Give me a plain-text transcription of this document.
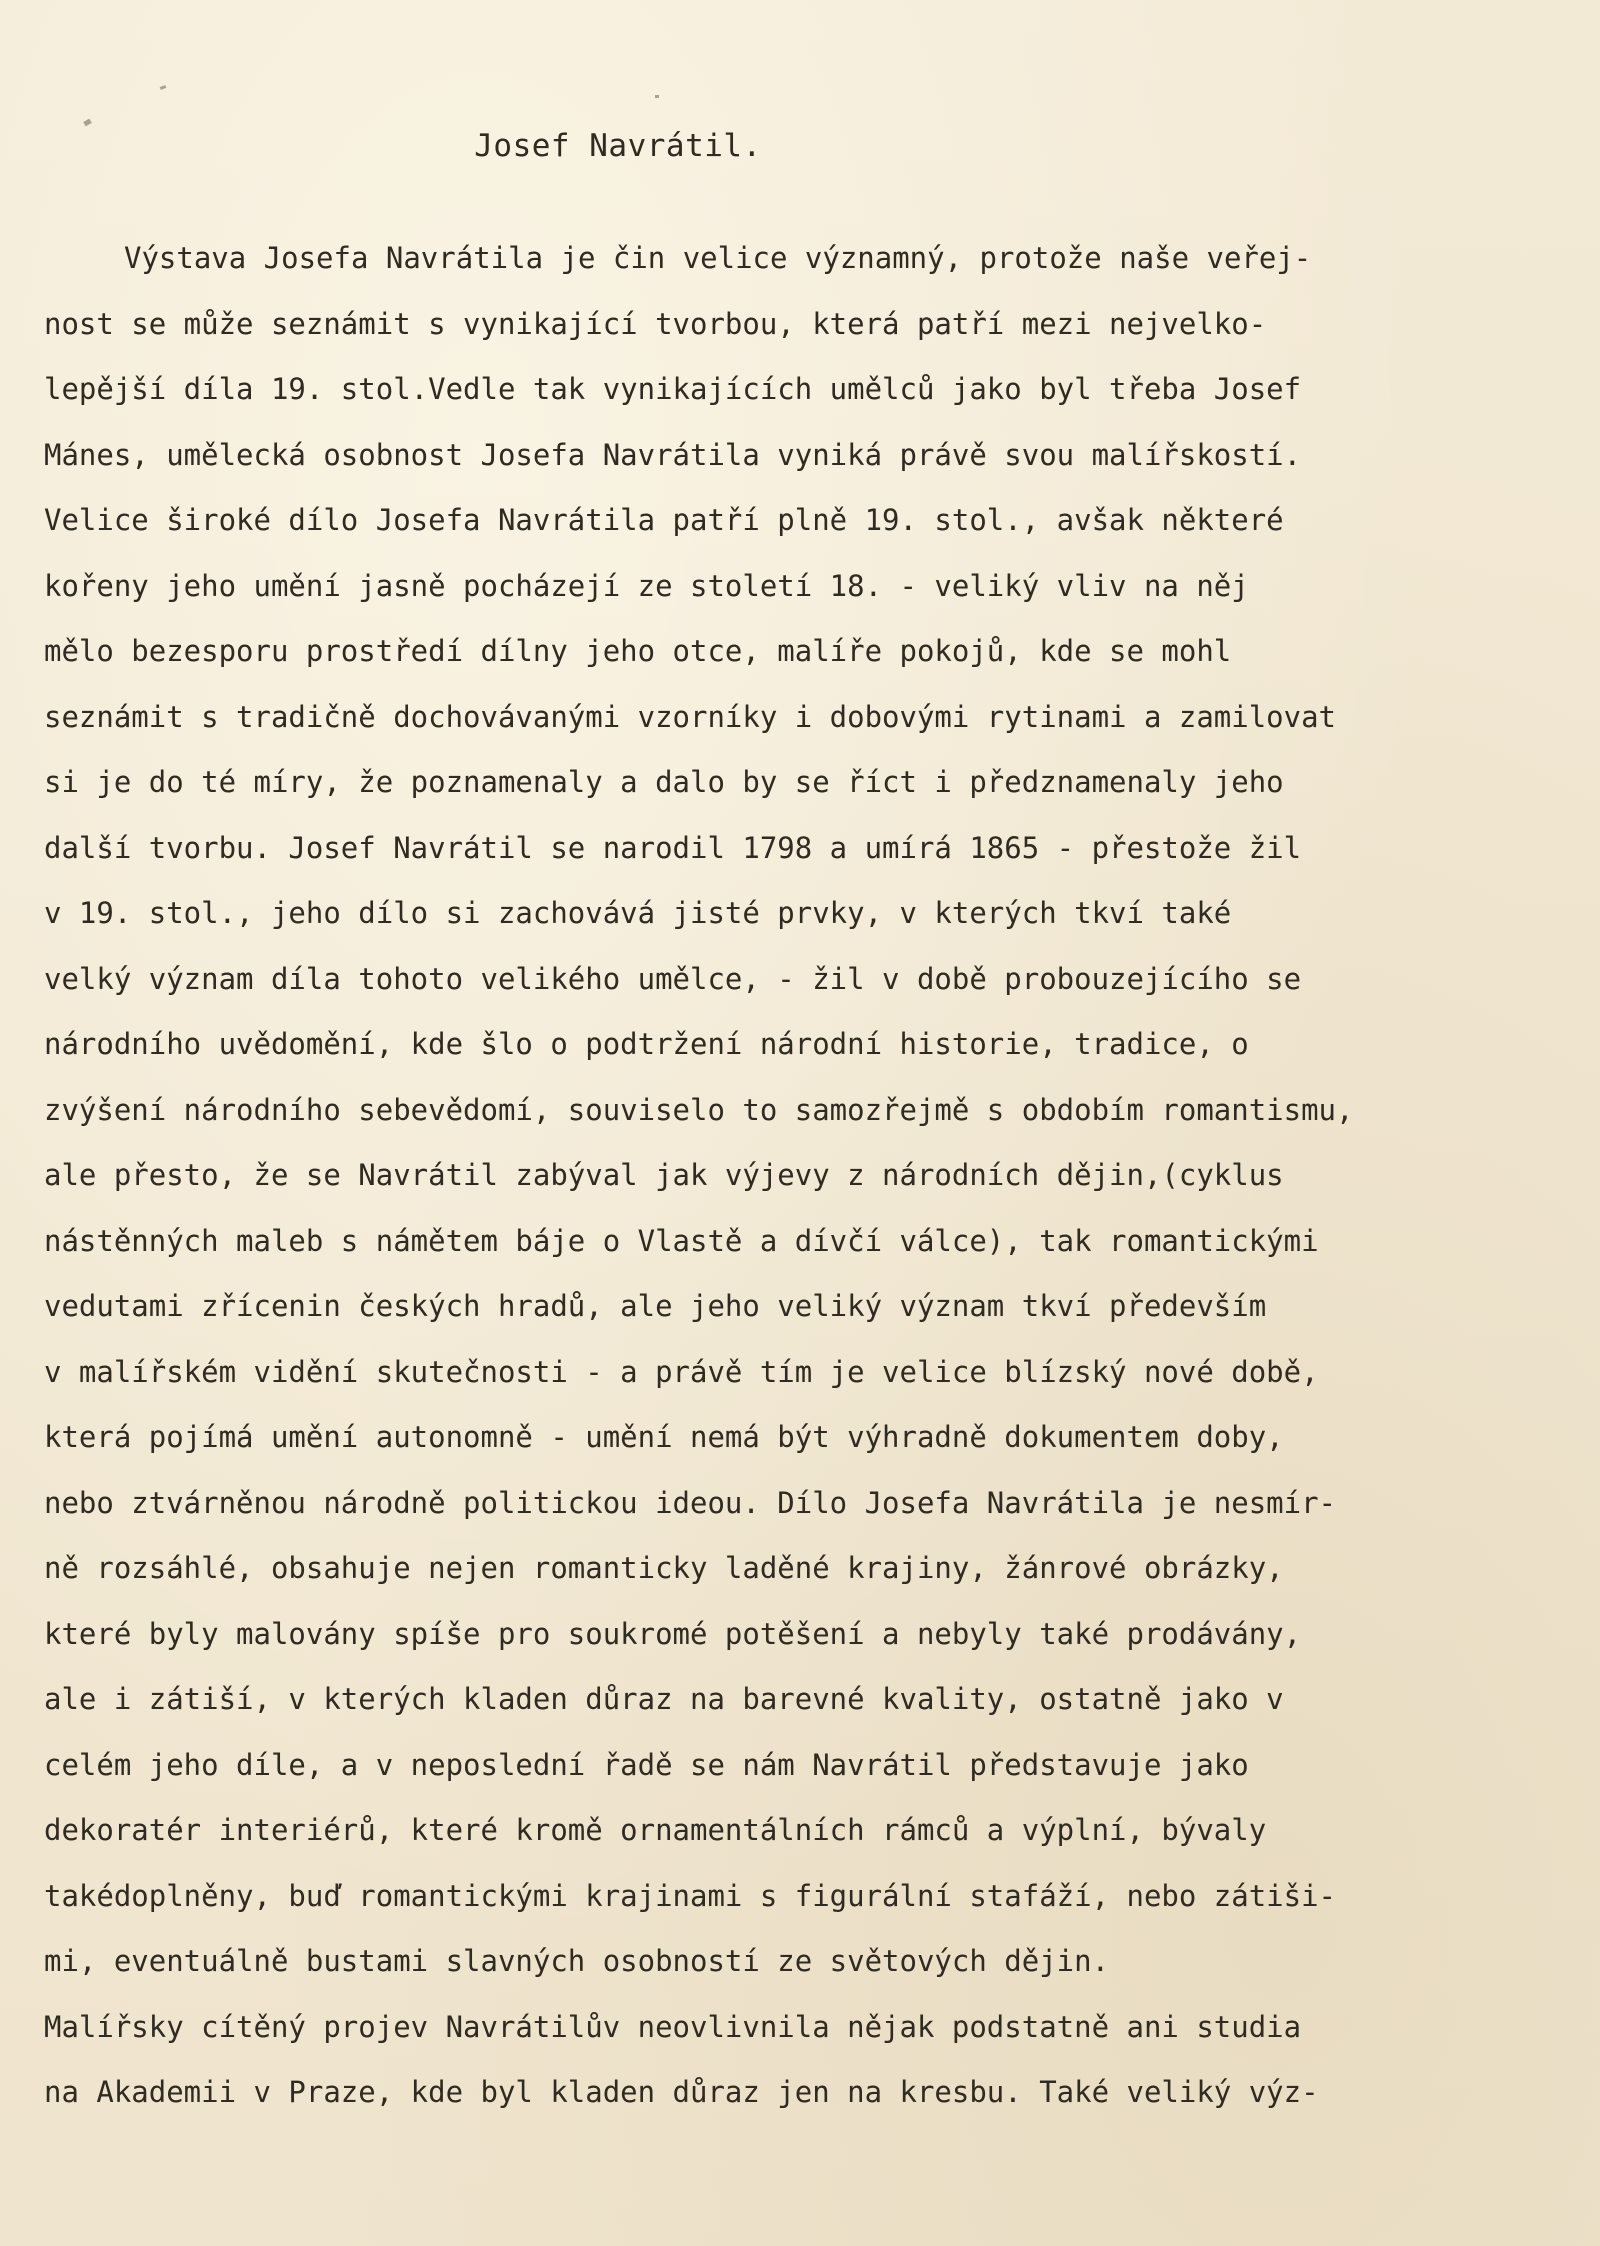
Josef Navrátil.
Výstava Josefa Navrátila je čin velice významný, protože naše veřej-
nost se může seznámit s vynikající tvorbou, která patří mezi nejvelko-
lepější díla 19. stol.Vedle tak vynikajících umělců jako byl třeba Josef
Mánes, umělecká osobnost Josefa Navrátila vyniká právě svou malířskostí.
Velice široké dílo Josefa Navrátila patří plně 19. stol., avšak některé
kořeny jeho umění jasně pocházejí ze století 18. - veliký vliv na něj
mělo bezesporu prostředí dílny jeho otce, malíře pokojů, kde se mohl
seznámit s tradičně dochovávanými vzorníky i dobovými rytinami a zamilovat
si je do té míry, že poznamenaly a dalo by se říct i předznamenaly jeho
další tvorbu. Josef Navrátil se narodil 1798 a umírá 1865 - přestože žil
v 19. stol., jeho dílo si zachovává jisté prvky, v kterých tkví také
velký význam díla tohoto velikého umělce, - žil v době probouzejícího se
národního uvědomění, kde šlo o podtržení národní historie, tradice, o
zvýšení národního sebevědomí, souviselo to samozřejmě s obdobím romantismu,
ale přesto, že se Navrátil zabýval jak výjevy z národních dějin,(cyklus
nástěnných maleb s námětem báje o Vlastě a dívčí válce), tak romantickými
vedutami zřícenin českých hradů, ale jeho veliký význam tkví především
v malířském vidění skutečnosti - a právě tím je velice blízský nové době,
která pojímá umění autonomně - umění nemá být výhradně dokumentem doby,
nebo ztvárněnou národně politickou ideou. Dílo Josefa Navrátila je nesmír-
ně rozsáhlé, obsahuje nejen romanticky laděné krajiny, žánrové obrázky,
které byly malovány spíše pro soukromé potěšení a nebyly také prodávány,
ale i zátiší, v kterých kladen důraz na barevné kvality, ostatně jako v
celém jeho díle, a v neposlední řadě se nám Navrátil představuje jako
dekoratér interiérů, které kromě ornamentálních rámců a výplní, bývaly
takédoplněny, buď romantickými krajinami s figurální stafáží, nebo zátiši-
mi, eventuálně bustami slavných osobností ze světových dějin.
Malířsky cítěný projev Navrátilův neovlivnila nějak podstatně ani studia
na Akademii v Praze, kde byl kladen důraz jen na kresbu. Také veliký výz-
